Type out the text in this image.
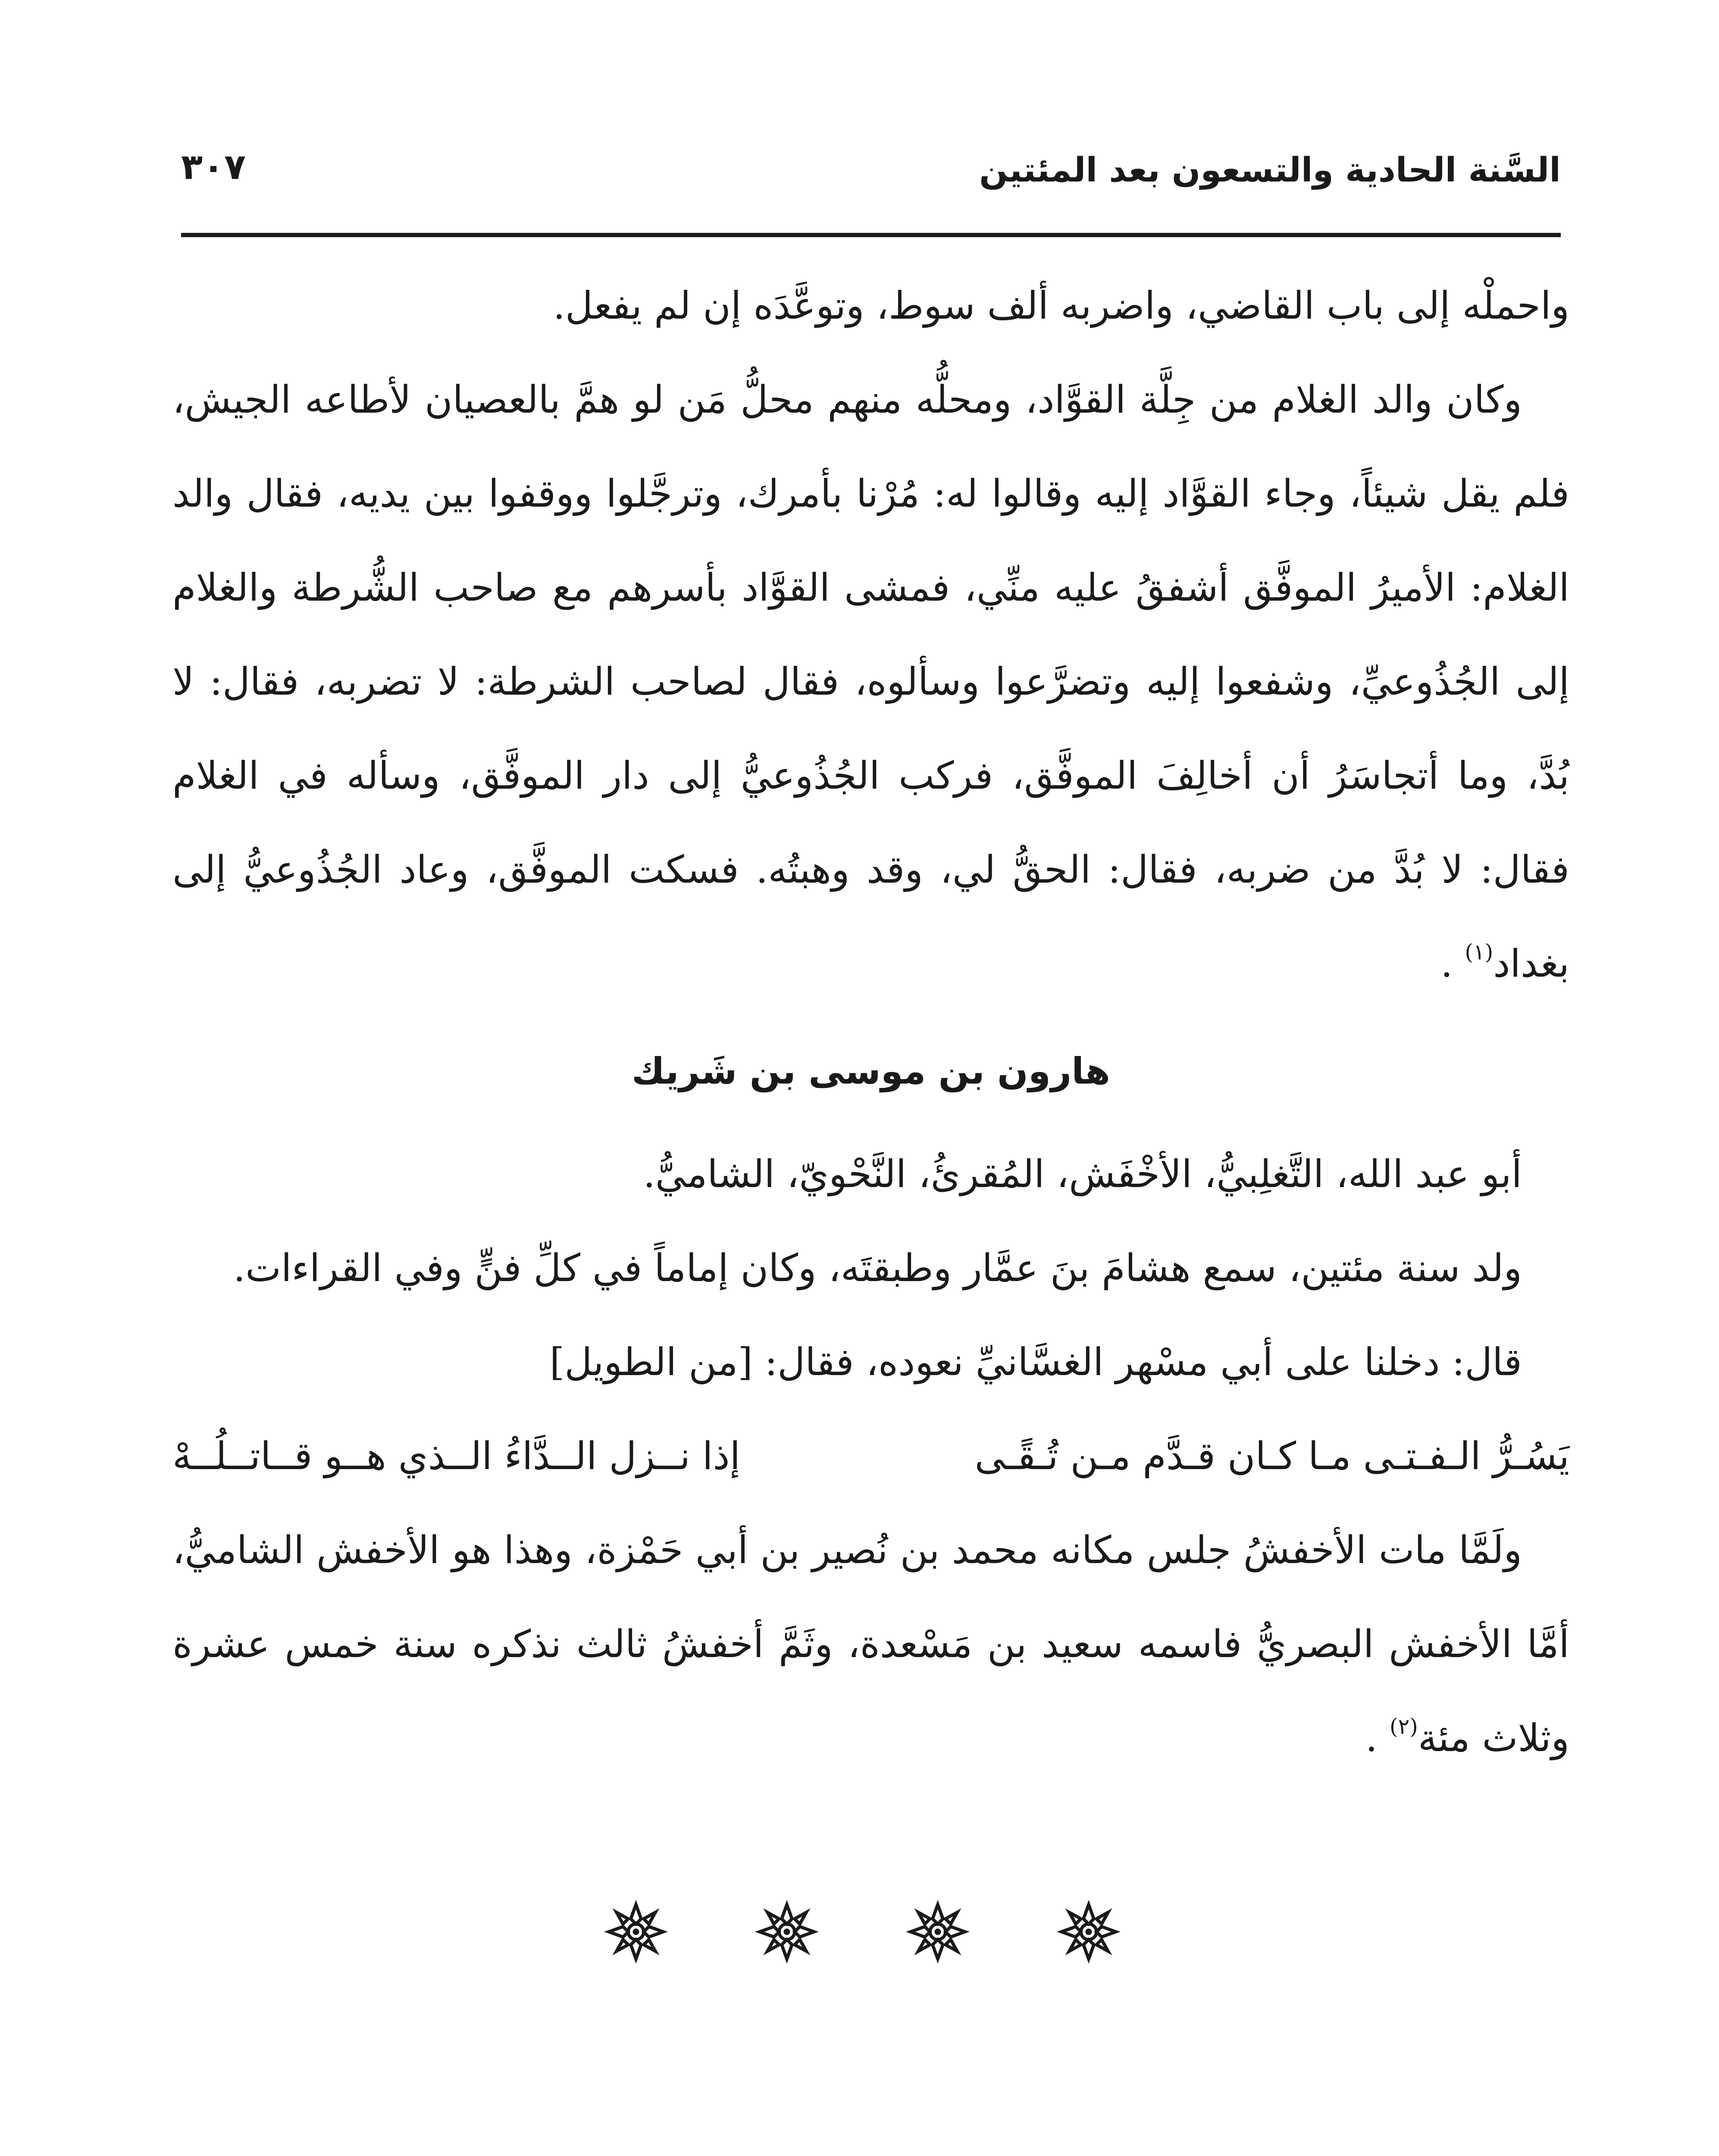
السَّنة الحادية والتسعون بعد المئتين
٣٠٧

واحملْه إلى باب القاضي، واضربه ألف سوط، وتوعَّدَه إن لم يفعل.

وكان والد الغلام من جِلَّة القوَّاد، ومحلُّه منهم محلُّ مَن لو همَّ بالعصيان لأطاعه الجيش، فلم يقل شيئاً، وجاء القوَّاد إليه وقالوا له: مُرْنا بأمرك، وترجَّلوا ووقفوا بين يديه، فقال والد الغلام: الأميرُ الموفَّق أشفقُ عليه منِّي، فمشى القوَّاد بأسرهم مع صاحب الشُّرطة والغلام إلى الجُذُوعيِّ، وشفعوا إليه وتضرَّعوا وسألوه، فقال لصاحب الشرطة: لا تضربه، فقال: لا بُدَّ، وما أتجاسَرُ أن أخالِفَ الموفَّق، فركب الجُذُوعيُّ إلى دار الموفَّق، وسأله في الغلام فقال: لا بُدَّ من ضربه، فقال: الحقُّ لي، وقد وهبتُه. فسكت الموفَّق، وعاد الجُذُوعيُّ إلى بغداد$^{(١)}$ .

هارون بن موسى بن شَريك

أبو عبد الله، التَّغلِبيُّ، الأخْفَش، المُقرئُ، النَّحْويّ، الشاميُّ.

ولد سنة مئتين، سمع هشامَ بنَ عمَّار وطبقتَه، وكان إماماً في كلِّ فنٍّ وفي القراءات.

قال: دخلنا على أبي مسْهر الغسَّانيِّ نعوده، فقال: [من الطويل]

يَسُـرُّ الـفـتـى مـا كـان قـدَّم مـن تُـقًـى
إذا نــزل الــدَّاءُ الــذي هــو قــاتــلُــهْ

ولَمَّا مات الأخفشُ جلس مكانه محمد بن نُصير بن أبي حَمْزة، وهذا هو الأخفش الشاميُّ، أمَّا الأخفش البصريُّ فاسمه سعيد بن مَسْعدة، وثَمَّ أخفشُ ثالث نذكره سنة خمس عشرة وثلاث مئة$^{(٢)}$ .
